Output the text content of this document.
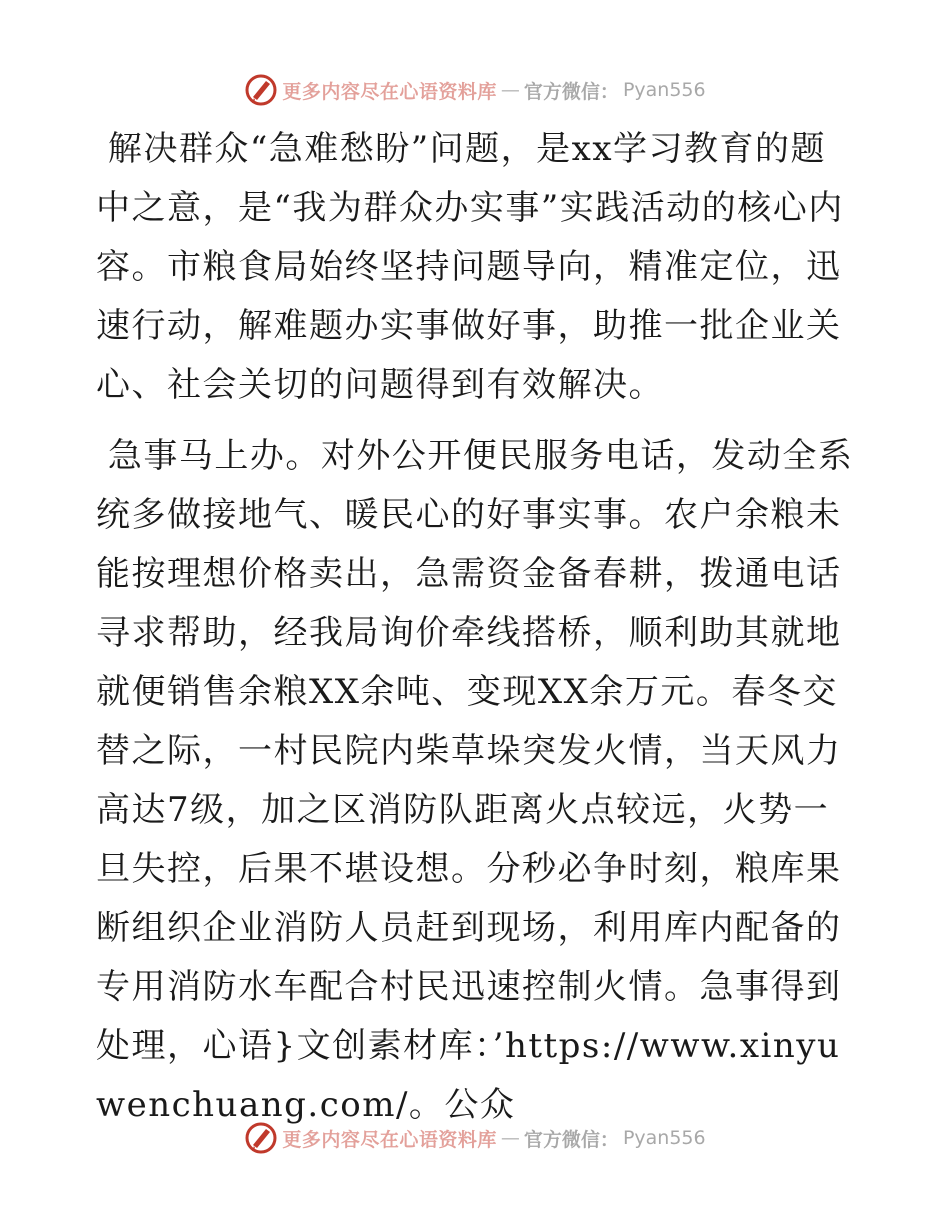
更多内容尽在心语资料库 — 官方微信： Pyan556

解决群众“急难愁盼”问题，是xx学习教育的题中之意，是“我为群众办实事”实践活动的核心内容。市粮食局始终坚持问题导向，精准定位，迅速行动，解难题办实事做好事，助推一批企业关心、社会关切的问题得到有效解决。

急事马上办。对外公开便民服务电话，发动全系统多做接地气、暖民心的好事实事。农户余粮未能按理想价格卖出，急需资金备春耕，拨通电话寻求帮助，经我局询价牵线搭桥，顺利助其就地就便销售余粮XX余吨、变现XX余万元。春冬交替之际，一村民院内柴草垛突发火情，当天风力高达7级，加之区消防队距离火点较远，火势一旦失控，后果不堪设想。分秒必争时刻，粮库果断组织企业消防人员赶到现场，利用库内配备的专用消防水车配合村民迅速控制火情。急事得到处理，心语}文创素材库：’https://www.xinyuwenchuang.com/。公众

更多内容尽在心语资料库 — 官方微信： Pyan556
